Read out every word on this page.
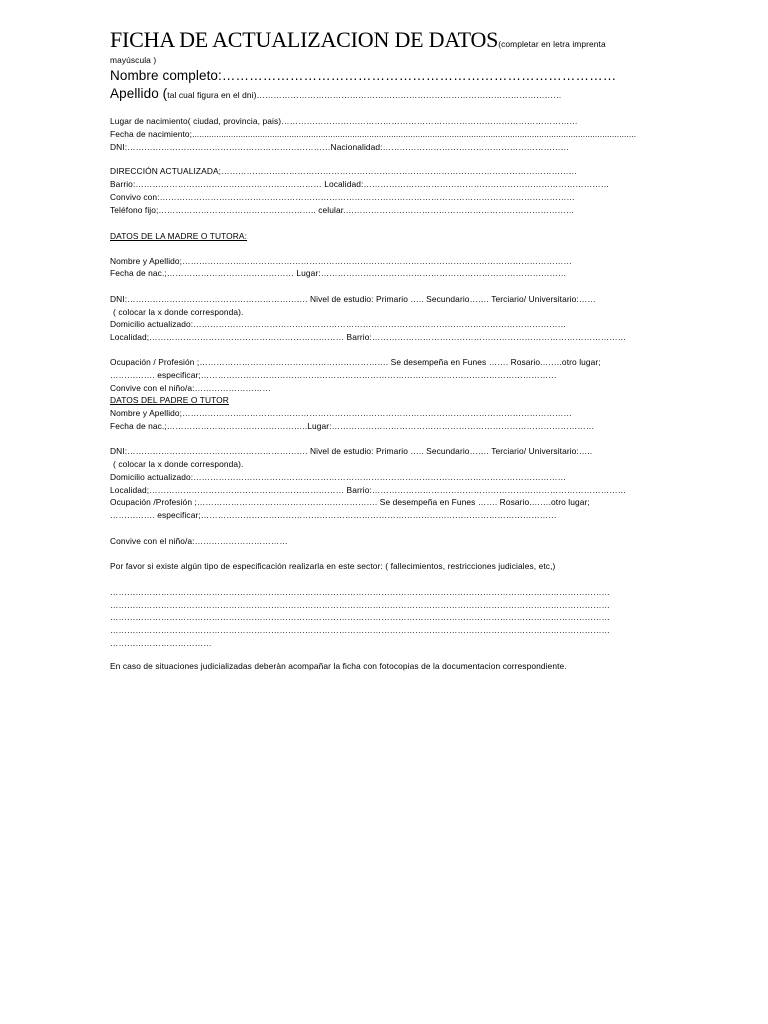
FICHA DE ACTUALIZACION DE DATOS(completar en letra imprenta
mayúscula )
Nombre completo:……………………………………………………………………………
Apellido (tal cual figura en el dni)………………………………………………………………………………………………
Lugar de nacimiento( ciudad, provincia, pais)……………………………………………………………………………………………
Fecha de nacimiento;.......................................................................................................................................................................................
DNI:………………………………………………………………Nacionalidad:…………………………………………………………
DIRECCIÓN ACTUALIZADA;………………………………………………………………………………………………………………
Barrio:………………………………………………………… Localidad:……………………………………………………………………………
Convivo con:…………………………………………………………………………………………………………………………………
Teléfono fijo;……………………………………………….. celular.………………………………………………………………………
DATOS DE LA MADRE O TUTORA:
Nombre y Apellido;…………………………………………………………………………………………………………………………
Fecha de nac.;……………………………………… Lugar:……………………………………………………………………………
DNI:………………………………………………………. Nivel de estudio: Primario ….. Secundario……. Terciario/ Universitario:……
( colocar la x donde corresponda).
Domicilio actualizado:……………………………………………………………………………………………………………………
Localidad;…………………………………………………………… Barrio:………………………………………………………………………………
Ocupación / Profesión ;…………………………………………………………. Se desempeña en Funes ……. Rosario.…….otro lugar;
……………. especificar;………………………………………………………………………………………………………………
Convive con el niño/a:………………………
DATOS DEL PADRE O TUTOR
Nombre y Apellido;…………………………………………………………………………………………………………………………
Fecha de nac.;…………………………………………..Lugar:…………………………………………………………………………………
DNI:………………………………………………………. Nivel de estudio: Primario ….. Secundario……. Terciario/ Universitario:…..
( colocar la x donde corresponda).
Domicilio actualizado:……………………………………………………………………………………………………………………
Localidad;…………………………………………………………… Barrio:………………………………………………………………………………
Ocupación /Profesión ;………………………………………………………. Se desempeña en Funes ……. Rosario.…….otro lugar;
……………. especificar;………………………………………………………………………………………………………………
Convive con el niño/a:……………………………
Por favor si existe algún tipo de especificación realizarla en este sector: ( fallecimientos, restricciones judiciales, etc,)
……………………………………………………………………………………………………………………………………………………………
……………………………………………………………………………………………………………………………………………………………
……………………………………………………………………………………………………………………………………………………………
……………………………………………………………………………………………………………………………………………………………
………………………………
En caso de situaciones judicializadas deberàn acompañar la ficha con fotocopias de la documentacion correspondiente.
